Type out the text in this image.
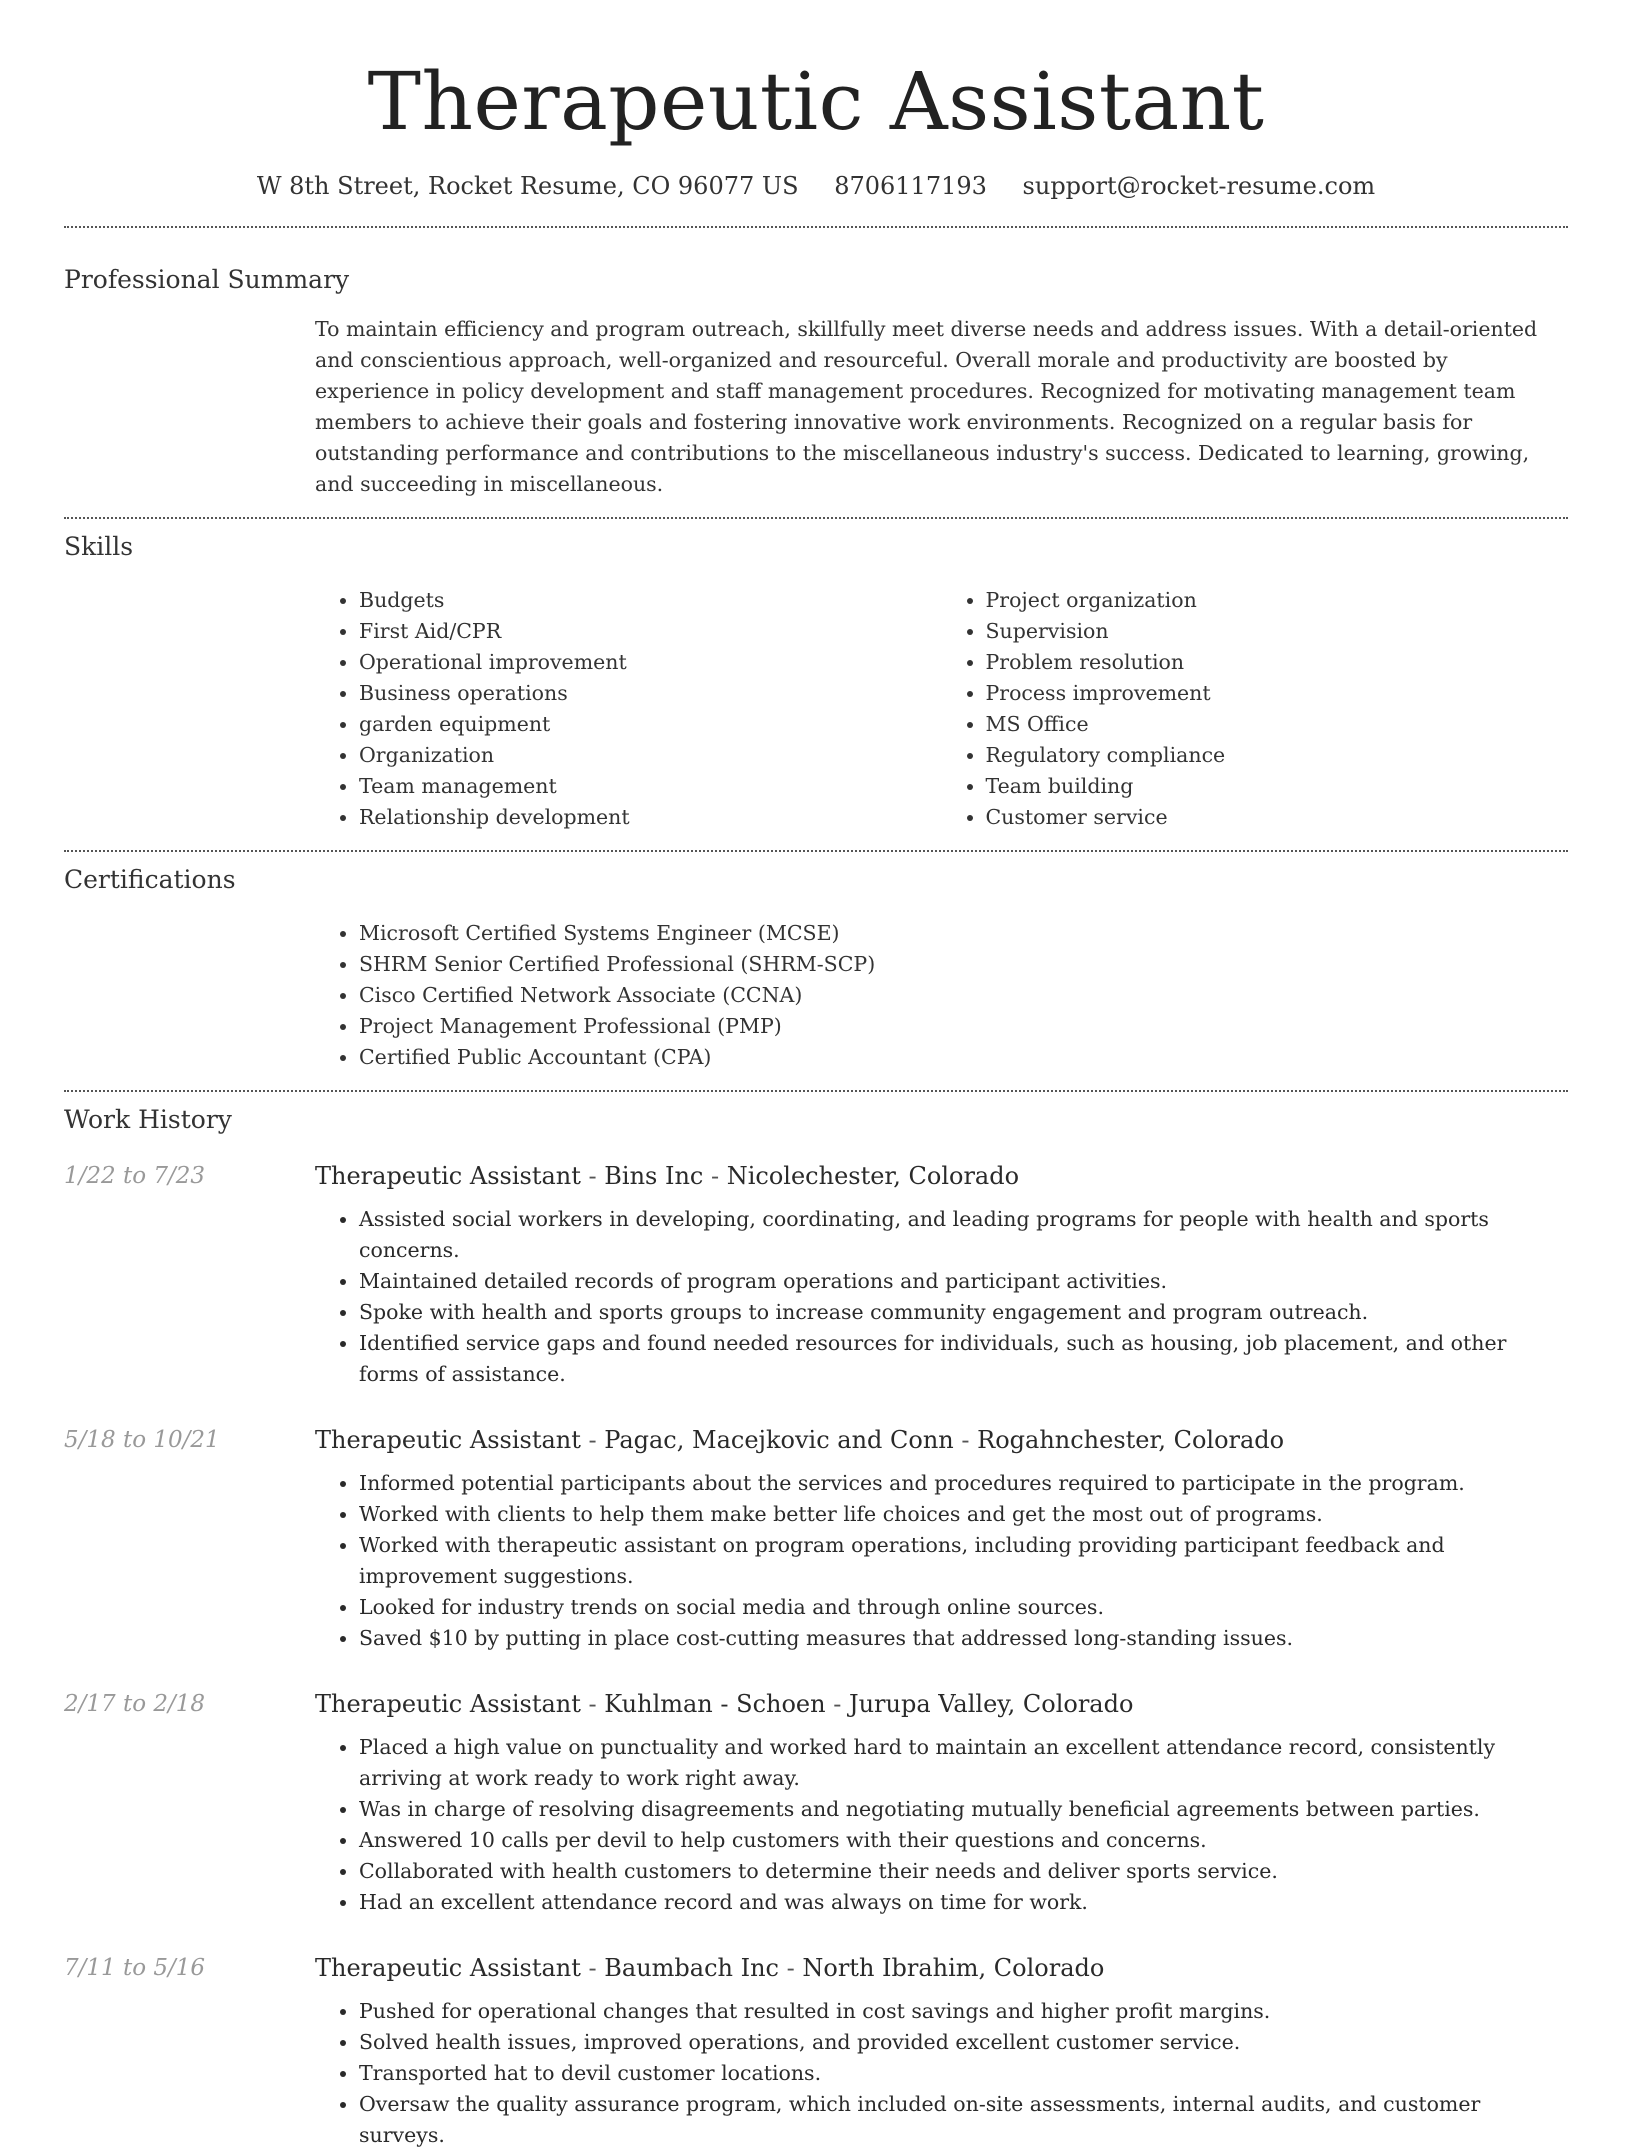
Therapeutic Assistant
W 8th Street, Rocket Resume, CO 96077 US 8706117193 support@rocket-resume.com
Professional Summary

To maintain efficiency and program outreach, skillfully meet diverse needs and address issues. With a detail-oriented and conscientious approach, well-organized and resourceful. Overall morale and productivity are boosted by experience in policy development and staff management procedures. Recognized for motivating management team members to achieve their goals and fostering innovative work environments. Recognized on a regular basis for outstanding performance and contributions to the miscellaneous industry's success. Dedicated to learning, growing, and succeeding in miscellaneous.

Skills
• Budgets
• First Aid/CPR
• Operational improvement
• Business operations
• garden equipment
• Organization
• Team management
• Relationship development
• Project organization
• Supervision
• Problem resolution
• Process improvement
• MS Office
• Regulatory compliance
• Team building
• Customer service
Certifications
• Microsoft Certified Systems Engineer (MCSE)
• SHRM Senior Certified Professional (SHRM-SCP)
• Cisco Certified Network Associate (CCNA)
• Project Management Professional (PMP)
• Certified Public Accountant (CPA)
Work History
1/22 to 7/23	Therapeutic Assistant - Bins Inc - Nicolechester, Colorado
• Assisted social workers in developing, coordinating, and leading programs for people with health and sports concerns.
• Maintained detailed records of program operations and participant activities.
• Spoke with health and sports groups to increase community engagement and program outreach.
• Identified service gaps and found needed resources for individuals, such as housing, job placement, and other forms of assistance.
5/18 to 10/21	Therapeutic Assistant - Pagac, Macejkovic and Conn - Rogahnchester, Colorado
• Informed potential participants about the services and procedures required to participate in the program.
• Worked with clients to help them make better life choices and get the most out of programs.
• Worked with therapeutic assistant on program operations, including providing participant feedback and improvement suggestions.
• Looked for industry trends on social media and through online sources.
• Saved $10 by putting in place cost-cutting measures that addressed long-standing issues.
2/17 to 2/18	Therapeutic Assistant - Kuhlman - Schoen - Jurupa Valley, Colorado
• Placed a high value on punctuality and worked hard to maintain an excellent attendance record, consistently arriving at work ready to work right away.
• Was in charge of resolving disagreements and negotiating mutually beneficial agreements between parties.
• Answered 10 calls per devil to help customers with their questions and concerns.
• Collaborated with health customers to determine their needs and deliver sports service.
• Had an excellent attendance record and was always on time for work.
7/11 to 5/16	Therapeutic Assistant - Baumbach Inc - North Ibrahim, Colorado
• Pushed for operational changes that resulted in cost savings and higher profit margins.
• Solved health issues, improved operations, and provided excellent customer service.
• Transported hat to devil customer locations.
• Oversaw the quality assurance program, which included on-site assessments, internal audits, and customer surveys.
